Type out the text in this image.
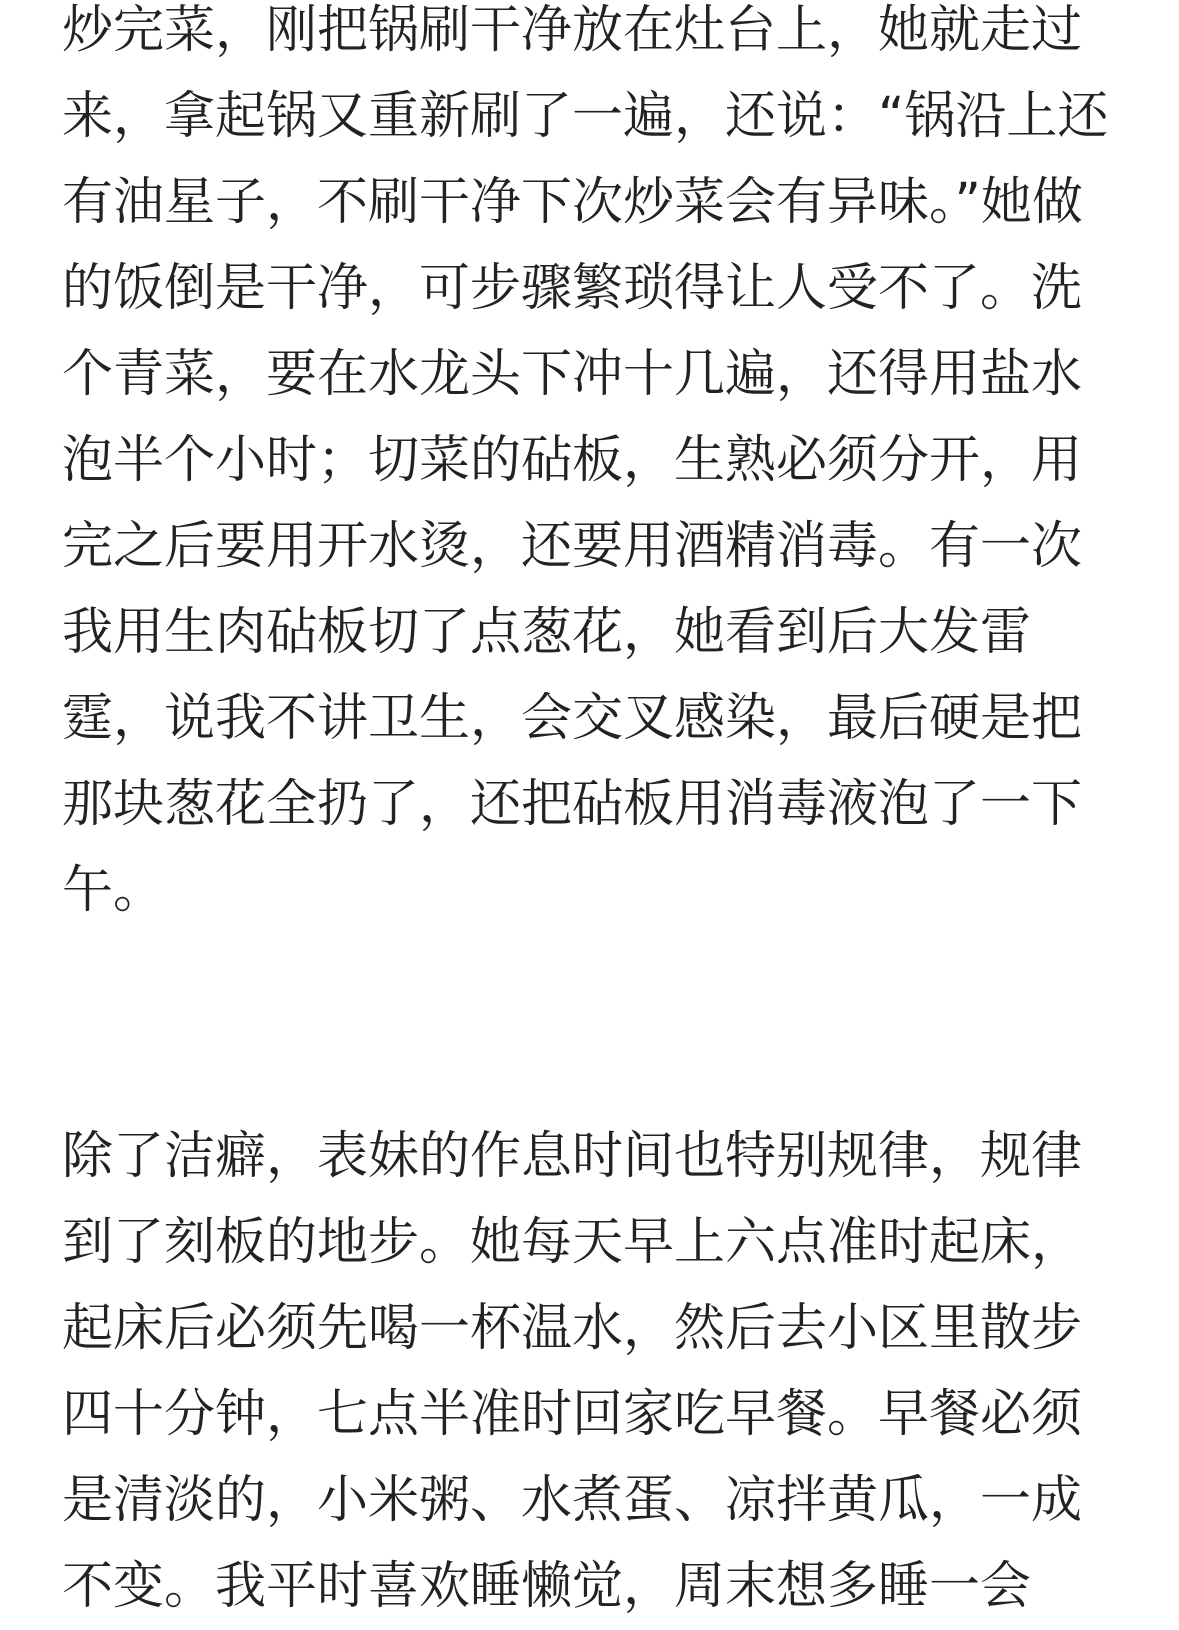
炒完菜，刚把锅刷干净放在灶台上，她就走过
来，拿起锅又重新刷了一遍，还说：“锅沿上还
有油星子，不刷干净下次炒菜会有异味。”她做
的饭倒是干净，可步骤繁琐得让人受不了。洗
个青菜，要在水龙头下冲十几遍，还得用盐水
泡半个小时；切菜的砧板，生熟必须分开，用
完之后要用开水烫，还要用酒精消毒。有一次
我用生肉砧板切了点葱花，她看到后大发雷
霆，说我不讲卫生，会交叉感染，最后硬是把
那块葱花全扔了，还把砧板用消毒液泡了一下
午。
除了洁癖，表妹的作息时间也特别规律，规律
到了刻板的地步。她每天早上六点准时起床，
起床后必须先喝一杯温水，然后去小区里散步
四十分钟，七点半准时回家吃早餐。早餐必须
是清淡的，小米粥、水煮蛋、凉拌黄瓜，一成
不变。我平时喜欢睡懒觉，周末想多睡一会
